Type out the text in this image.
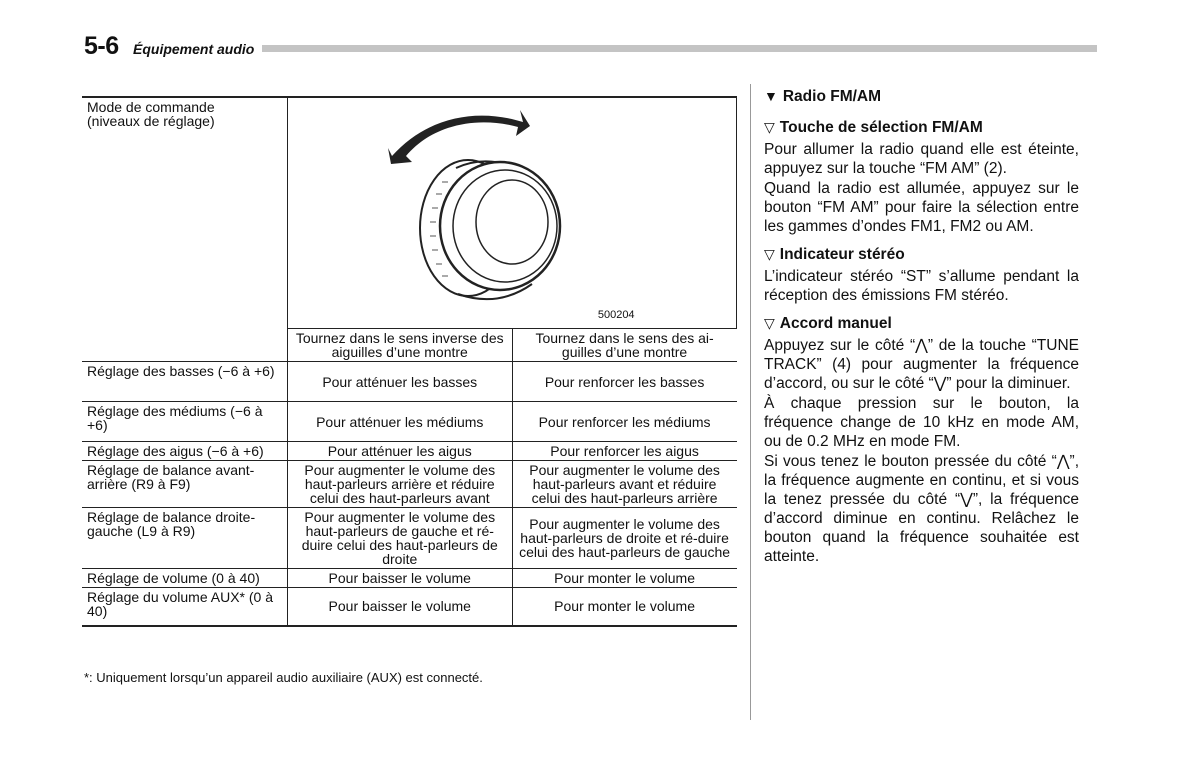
5-6 Équipement audio
Mode de commande
(niveaux de réglage)	500204	

	Tournez dans le sens inverse des aiguilles d’une montre	Tournez dans le sens des ai-guilles d’une montre
Réglage des basses (−6 à +6)	Pour atténuer les basses	Pour renforcer les basses
Réglage des médiums (−6 à +6)	Pour atténuer les médiums	Pour renforcer les médiums
Réglage des aigus (−6 à +6)	Pour atténuer les aigus	Pour renforcer les aigus
Réglage de balance avant-arrière (R9 à F9)	Pour augmenter le volume des haut-parleurs arrière et réduire celui des haut-parleurs avant	Pour augmenter le volume des haut-parleurs avant et réduire celui des haut-parleurs arrière
Réglage de balance droite-gauche (L9 à R9)	Pour augmenter le volume des haut-parleurs de gauche et ré-duire celui des haut-parleurs de droite	Pour augmenter le volume des haut-parleurs de droite et ré-duire celui des haut-parleurs de gauche
Réglage de volume (0 à 40)	Pour baisser le volume	Pour monter le volume
Réglage du volume AUX* (0 à 40)	Pour baisser le volume	Pour monter le volume
*: Uniquement lorsqu’un appareil audio auxiliaire (AUX) est connecté.
▼ Radio FM/AM
▽ Touche de sélection FM/AM

Pour allumer la radio quand elle est éteinte, appuyez sur la touche “FM AM” (2).

Quand la radio est allumée, appuyez sur le bouton “FM AM” pour faire la sélection entre les gammes d’ondes FM1, FM2 ou AM.

▽ Indicateur stéréo

L’indicateur stéréo “ST” s’allume pendant la réception des émissions FM stéréo.

▽ Accord manuel

Appuyez sur le côté “⋀” de la touche “TUNE TRACK” (4) pour augmenter la fréquence d’accord, ou sur le côté “⋁” pour la diminuer.

À chaque pression sur le bouton, la fréquence change de 10 kHz en mode AM, ou de 0.2 MHz en mode FM.

Si vous tenez le bouton pressée du côté “⋀”, la fréquence augmente en continu, et si vous la tenez pressée du côté “⋁”, la fréquence d’accord diminue en continu. Relâchez le bouton quand la fréquence souhaitée est atteinte.
